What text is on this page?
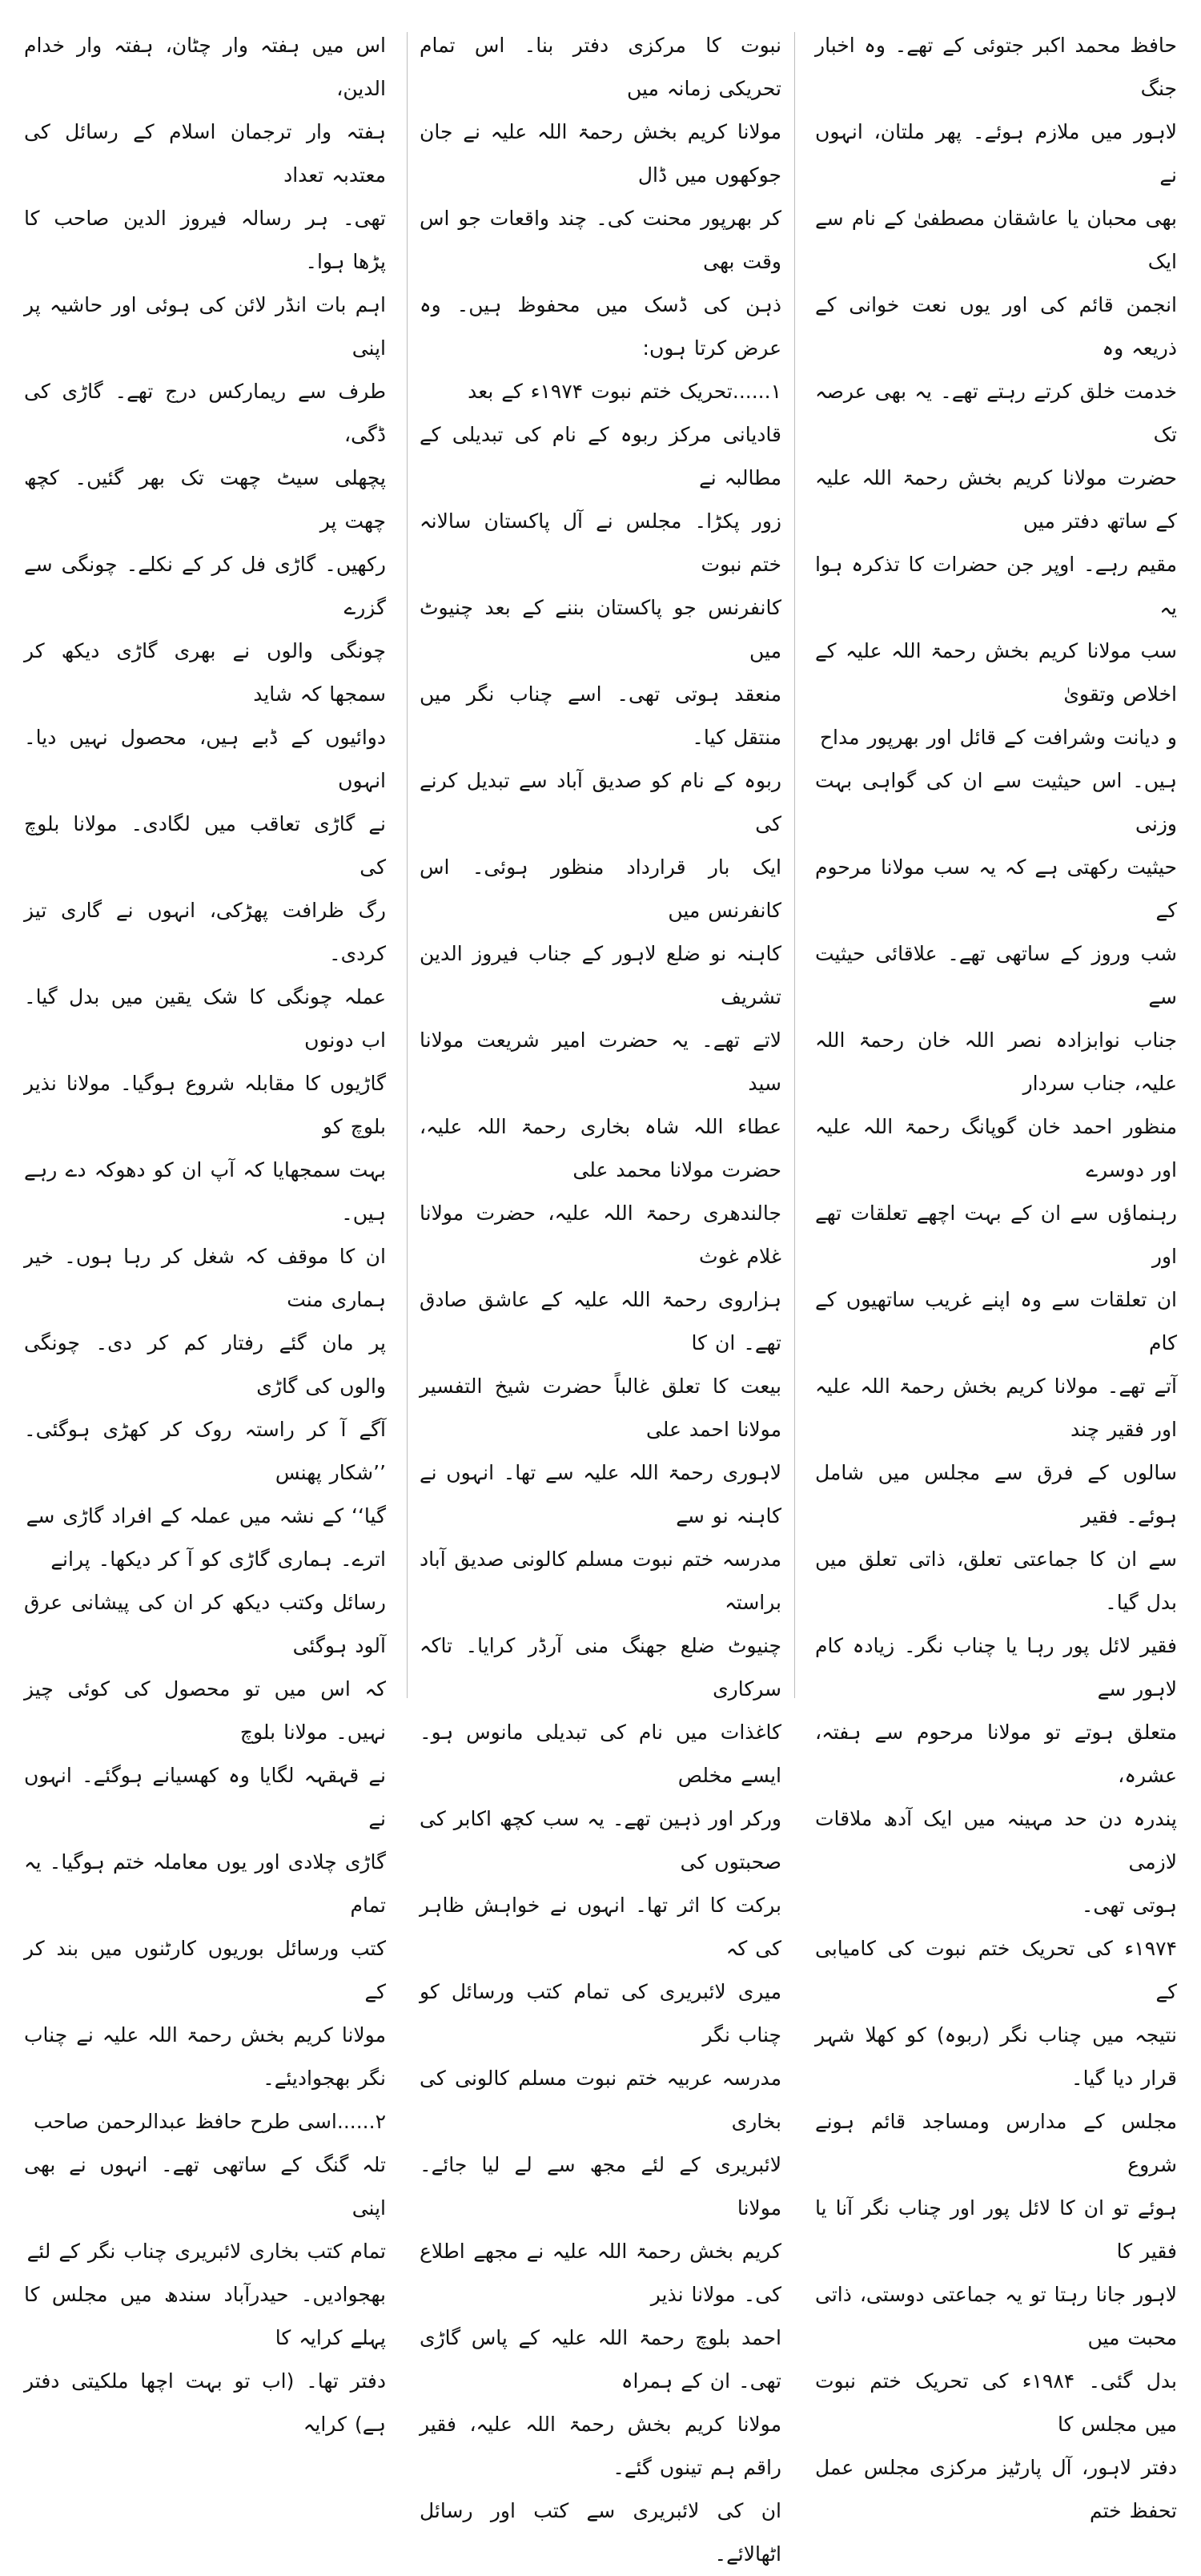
حافظ محمد اکبر جتوئی کے تھے۔ وہ اخبار جنگ

لاہور میں ملازم ہوئے۔ پھر ملتان، انہوں نے

بھی محبان یا عاشقان مصطفیٰ کے نام سے ایک

انجمن قائم کی اور یوں نعت خوانی کے ذریعہ وہ

خدمت خلق کرتے رہتے تھے۔ یہ بھی عرصہ تک

حضرت مولانا کریم بخش رحمۃ اللہ علیہ کے ساتھ دفتر میں

مقیم رہے۔ اوپر جن حضرات کا تذکرہ ہوا یہ

سب مولانا کریم بخش رحمۃ اللہ علیہ کے اخلاص وتقویٰ

و دیانت وشرافت کے قائل اور بھرپور مداح

ہیں۔ اس حیثیت سے ان کی گواہی بہت وزنی

حیثیت رکھتی ہے کہ یہ سب مولانا مرحوم کے

شب وروز کے ساتھی تھے۔ علاقائی حیثیت سے

جناب نوابزادہ نصر اللہ خان رحمۃ اللہ علیہ، جناب سردار

منظور احمد خان گوپانگ رحمۃ اللہ علیہ اور دوسرے

رہنماؤں سے ان کے بہت اچھے تعلقات تھے اور

ان تعلقات سے وہ اپنے غریب ساتھیوں کے کام

آتے تھے۔ مولانا کریم بخش رحمۃ اللہ علیہ اور فقیر چند

سالوں کے فرق سے مجلس میں شامل ہوئے۔ فقیر

سے ان کا جماعتی تعلق، ذاتی تعلق میں بدل گیا۔

فقیر لائل پور رہا یا چناب نگر۔ زیادہ کام لاہور سے

متعلق ہوتے تو مولانا مرحوم سے ہفتہ، عشرہ،

پندرہ دن حد مہینہ میں ایک آدھ ملاقات لازمی

ہوتی تھی۔

۱۹۷۴ء کی تحریک ختم نبوت کی کامیابی کے

نتیجہ میں چناب نگر (ربوہ) کو کھلا شہر قرار دیا گیا۔

مجلس کے مدارس ومساجد قائم ہونے شروع

ہوئے تو ان کا لائل پور اور چناب نگر آنا یا فقیر کا

لاہور جانا رہتا تو یہ جماعتی دوستی، ذاتی محبت میں

بدل گئی۔ ۱۹۸۴ء کی تحریک ختم نبوت میں مجلس کا

دفتر لاہور، آل پارٹیز مرکزی مجلس عمل تحفظ ختم

نبوت کا مرکزی دفتر بنا۔ اس تمام تحریکی زمانہ میں

مولانا کریم بخش رحمۃ اللہ علیہ نے جان جوکھوں میں ڈال

کر بھرپور محنت کی۔ چند واقعات جو اس وقت بھی

ذہن کی ڈسک میں محفوظ ہیں۔ وہ عرض کرتا ہوں:

۱......تحریک ختم نبوت ۱۹۷۴ء کے بعد

قادیانی مرکز ربوہ کے نام کی تبدیلی کے مطالبہ نے

زور پکڑا۔ مجلس نے آل پاکستان سالانہ ختم نبوت

کانفرنس جو پاکستان بننے کے بعد چنیوٹ میں

منعقد ہوتی تھی۔ اسے چناب نگر میں منتقل کیا۔

ربوہ کے نام کو صدیق آباد سے تبدیل کرنے کی

ایک بار قرارداد منظور ہوئی۔ اس کانفرنس میں

کاہنہ نو ضلع لاہور کے جناب فیروز الدین تشریف

لاتے تھے۔ یہ حضرت امیر شریعت مولانا سید

عطاء اللہ شاہ بخاری رحمۃ اللہ علیہ، حضرت مولانا محمد علی

جالندھری رحمۃ اللہ علیہ، حضرت مولانا غلام غوث

ہزاروی رحمۃ اللہ علیہ کے عاشق صادق تھے۔ ان کا

بیعت کا تعلق غالباً حضرت شیخ التفسیر مولانا احمد علی

لاہوری رحمۃ اللہ علیہ سے تھا۔ انہوں نے کاہنہ نو سے

مدرسہ ختم نبوت مسلم کالونی صدیق آباد براستہ

چنیوٹ ضلع جھنگ منی آرڈر کرایا۔ تاکہ سرکاری

کاغذات میں نام کی تبدیلی مانوس ہو۔ ایسے مخلص

ورکر اور ذہین تھے۔ یہ سب کچھ اکابر کی صحبتوں کی

برکت کا اثر تھا۔ انہوں نے خواہش ظاہر کی کہ

میری لائبریری کی تمام کتب ورسائل کو چناب نگر

مدرسہ عربیہ ختم نبوت مسلم کالونی کی بخاری

لائبریری کے لئے مجھ سے لے لیا جائے۔ مولانا

کریم بخش رحمۃ اللہ علیہ نے مجھے اطلاع کی۔ مولانا نذیر

احمد بلوچ رحمۃ اللہ علیہ کے پاس گاڑی تھی۔ ان کے ہمراہ

مولانا کریم بخش رحمۃ اللہ علیہ، فقیر راقم ہم تینوں گئے۔

ان کی لائبریری سے کتب اور رسائل اٹھالائے۔

اس میں ہفتہ وار چٹان، ہفتہ وار خدام الدین،

ہفتہ وار ترجمان اسلام کے رسائل کی معتدبہ تعداد

تھی۔ ہر رسالہ فیروز الدین صاحب کا پڑھا ہوا۔

اہم بات انڈر لائن کی ہوئی اور حاشیہ پر اپنی

طرف سے ریمارکس درج تھے۔ گاڑی کی ڈگی،

پچھلی سیٹ چھت تک بھر گئیں۔ کچھ چھت پر

رکھیں۔ گاڑی فل کر کے نکلے۔ چونگی سے گزرے

چونگی والوں نے بھری گاڑی دیکھ کر سمجھا کہ شاید

دوائیوں کے ڈبے ہیں، محصول نہیں دیا۔ انہوں

نے گاڑی تعاقب میں لگادی۔ مولانا بلوچ کی

رگ ظرافت پھڑکی، انہوں نے گاری تیز کردی۔

عملہ چونگی کا شک یقین میں بدل گیا۔ اب دونوں

گاڑیوں کا مقابلہ شروع ہوگیا۔ مولانا نذیر بلوچ کو

بہت سمجھایا کہ آپ ان کو دھوکہ دے رہے ہیں۔

ان کا موقف کہ شغل کر رہا ہوں۔ خیر ہماری منت

پر مان گئے رفتار کم کر دی۔ چونگی والوں کی گاڑی

آگے آ کر راستہ روک کر کھڑی ہوگئی۔ ’’شکار پھنس

گیا‘‘ کے نشہ میں عملہ کے افراد گاڑی سے

اترے۔ ہماری گاڑی کو آ کر دیکھا۔ پرانے

رسائل وکتب دیکھ کر ان کی پیشانی عرق آلود ہوگئی

کہ اس میں تو محصول کی کوئی چیز نہیں۔ مولانا بلوچ

نے قہقہہ لگایا وہ کھسیانے ہوگئے۔ انہوں نے

گاڑی چلادی اور یوں معاملہ ختم ہوگیا۔ یہ تمام

کتب ورسائل بوریوں کارٹنوں میں بند کر کے

مولانا کریم بخش رحمۃ اللہ علیہ نے چناب نگر بھجوادیئے۔

۲......اسی طرح حافظ عبدالرحمن صاحب

تلہ گنگ کے ساتھی تھے۔ انہوں نے بھی اپنی

تمام کتب بخاری لائبریری چناب نگر کے لئے

بھجوادیں۔ حیدرآباد سندھ میں مجلس کا پہلے کرایہ کا

دفتر تھا۔ (اب تو بہت اچھا ملکیتی دفتر ہے) کرایہ
